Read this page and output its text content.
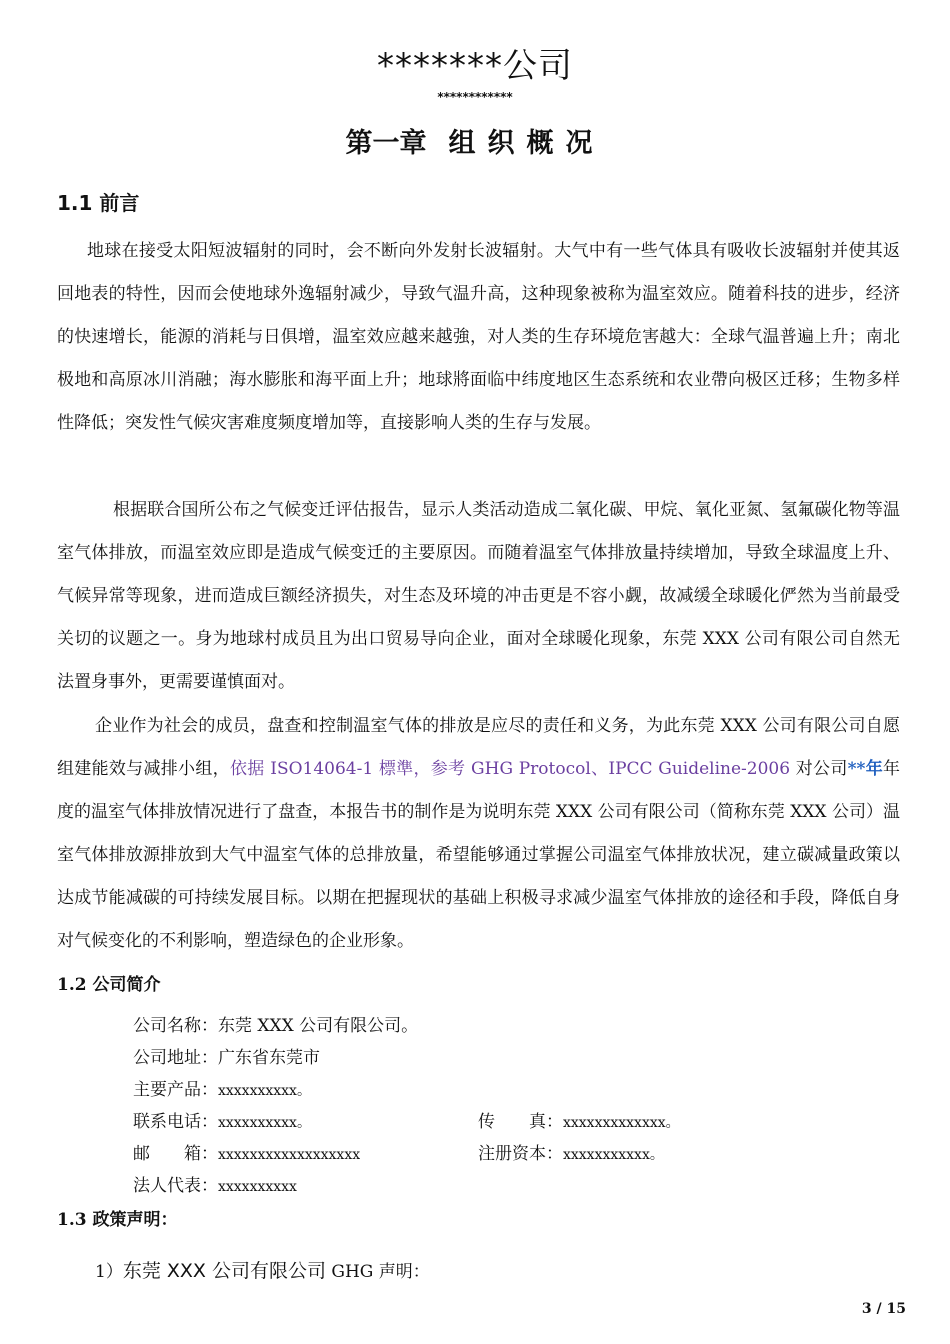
*******公司
************
第一章 组织概况
1.1 前言

地球在接受太阳短波辐射的同时，会不断向外发射长波辐射。大气中有一些气体具有吸收长波辐射并使其返回地表的特性，因而会使地球外逸辐射减少，导致气温升高，这种现象被称为温室效应。随着科技的进步，经济的快速增长，能源的消耗与日俱增，温室效应越来越強，对人类的生存环境危害越大：全球气温普遍上升；南北极地和高原冰川消融；海水膨胀和海平面上升；地球將面临中纬度地区生态系统和农业帶向极区迁移；生物多样性降低；突发性气候灾害难度频度增加等，直接影响人类的生存与发展。

根据联合国所公布之气候变迁评估报告，显示人类活动造成二氧化碳、甲烷、氧化亚氮、氢氟碳化物等温室气体排放，而温室效应即是造成气候变迁的主要原因。而随着温室气体排放量持续增加，导致全球温度上升、气候异常等现象，进而造成巨额经济损失，对生态及环境的冲击更是不容小觑，故减缓全球暖化俨然为当前最受关切的议题之一。身为地球村成员且为出口贸易导向企业，面对全球暖化现象，东莞 XXX 公司有限公司自然无法置身事外，更需要谨慎面对。

企业作为社会的成员，盘查和控制温室气体的排放是应尽的责任和义务，为此东莞 XXX 公司有限公司自愿组建能效与减排小组，依据 ISO14064-1 標準，参考 GHG Protocol、IPCC Guideline-2006 对公司**年年度的温室气体排放情况进行了盘查，本报告书的制作是为说明东莞 XXX 公司有限公司（简称东莞 XXX 公司）温室气体排放源排放到大气中温室气体的总排放量，希望能够通过掌握公司温室气体排放状况，建立碳减量政策以达成节能减碳的可持续发展目标。以期在把握现状的基础上积极寻求减少温室气体排放的途径和手段，降低自身对气候变化的不利影响，塑造绿色的企业形象。

1.2 公司简介
公司名称：东莞 XXX 公司有限公司。
公司地址：广东省东莞市
主要产品：xxxxxxxxxx。
联系电话：xxxxxxxxxx。	传　　真：xxxxxxxxxxxxx。
邮　　箱：xxxxxxxxxxxxxxxxxx	注册资本：xxxxxxxxxxx。
法人代表：xxxxxxxxxx
1.3 政策声明：
1）东莞 XXX 公司有限公司 GHG 声明：
3 / 15
